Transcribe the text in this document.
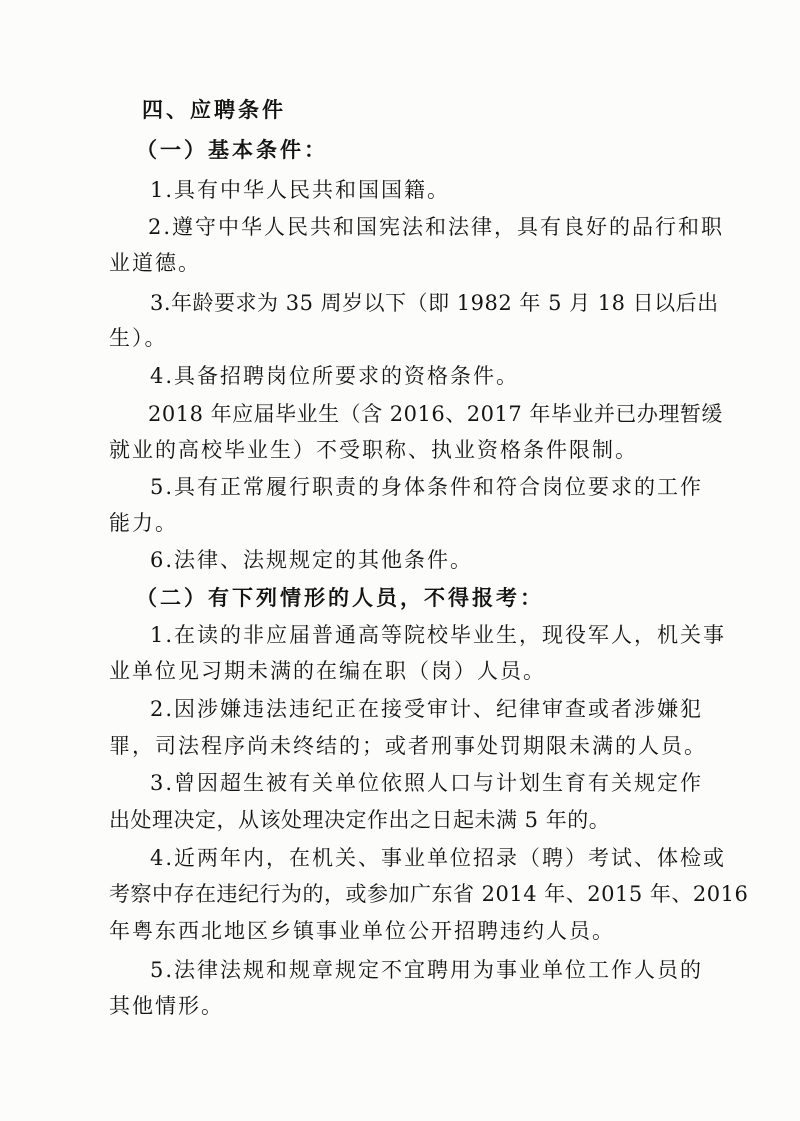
四、应聘条件
（一）基本条件：
1.具有中华人民共和国国籍。
2.遵守中华人民共和国宪法和法律，具有良好的品行和职
业道德。
3.年龄要求为 35 周岁以下（即 1982 年 5 月 18 日以后出
生）。
4.具备招聘岗位所要求的资格条件。
2018 年应届毕业生（含 2016、2017 年毕业并已办理暂缓
就业的高校毕业生）不受职称、执业资格条件限制。
5.具有正常履行职责的身体条件和符合岗位要求的工作
能力。
6.法律、法规规定的其他条件。
（二）有下列情形的人员，不得报考：
1.在读的非应届普通高等院校毕业生，现役军人，机关事
业单位见习期未满的在编在职（岗）人员。
2.因涉嫌违法违纪正在接受审计、纪律审查或者涉嫌犯
罪，司法程序尚未终结的；或者刑事处罚期限未满的人员。
3.曾因超生被有关单位依照人口与计划生育有关规定作
出处理决定，从该处理决定作出之日起未满 5 年的。
4.近两年内，在机关、事业单位招录（聘）考试、体检或
考察中存在违纪行为的，或参加广东省 2014 年、2015 年、2016
年粤东西北地区乡镇事业单位公开招聘违约人员。
5.法律法规和规章规定不宜聘用为事业单位工作人员的
其他情形。
